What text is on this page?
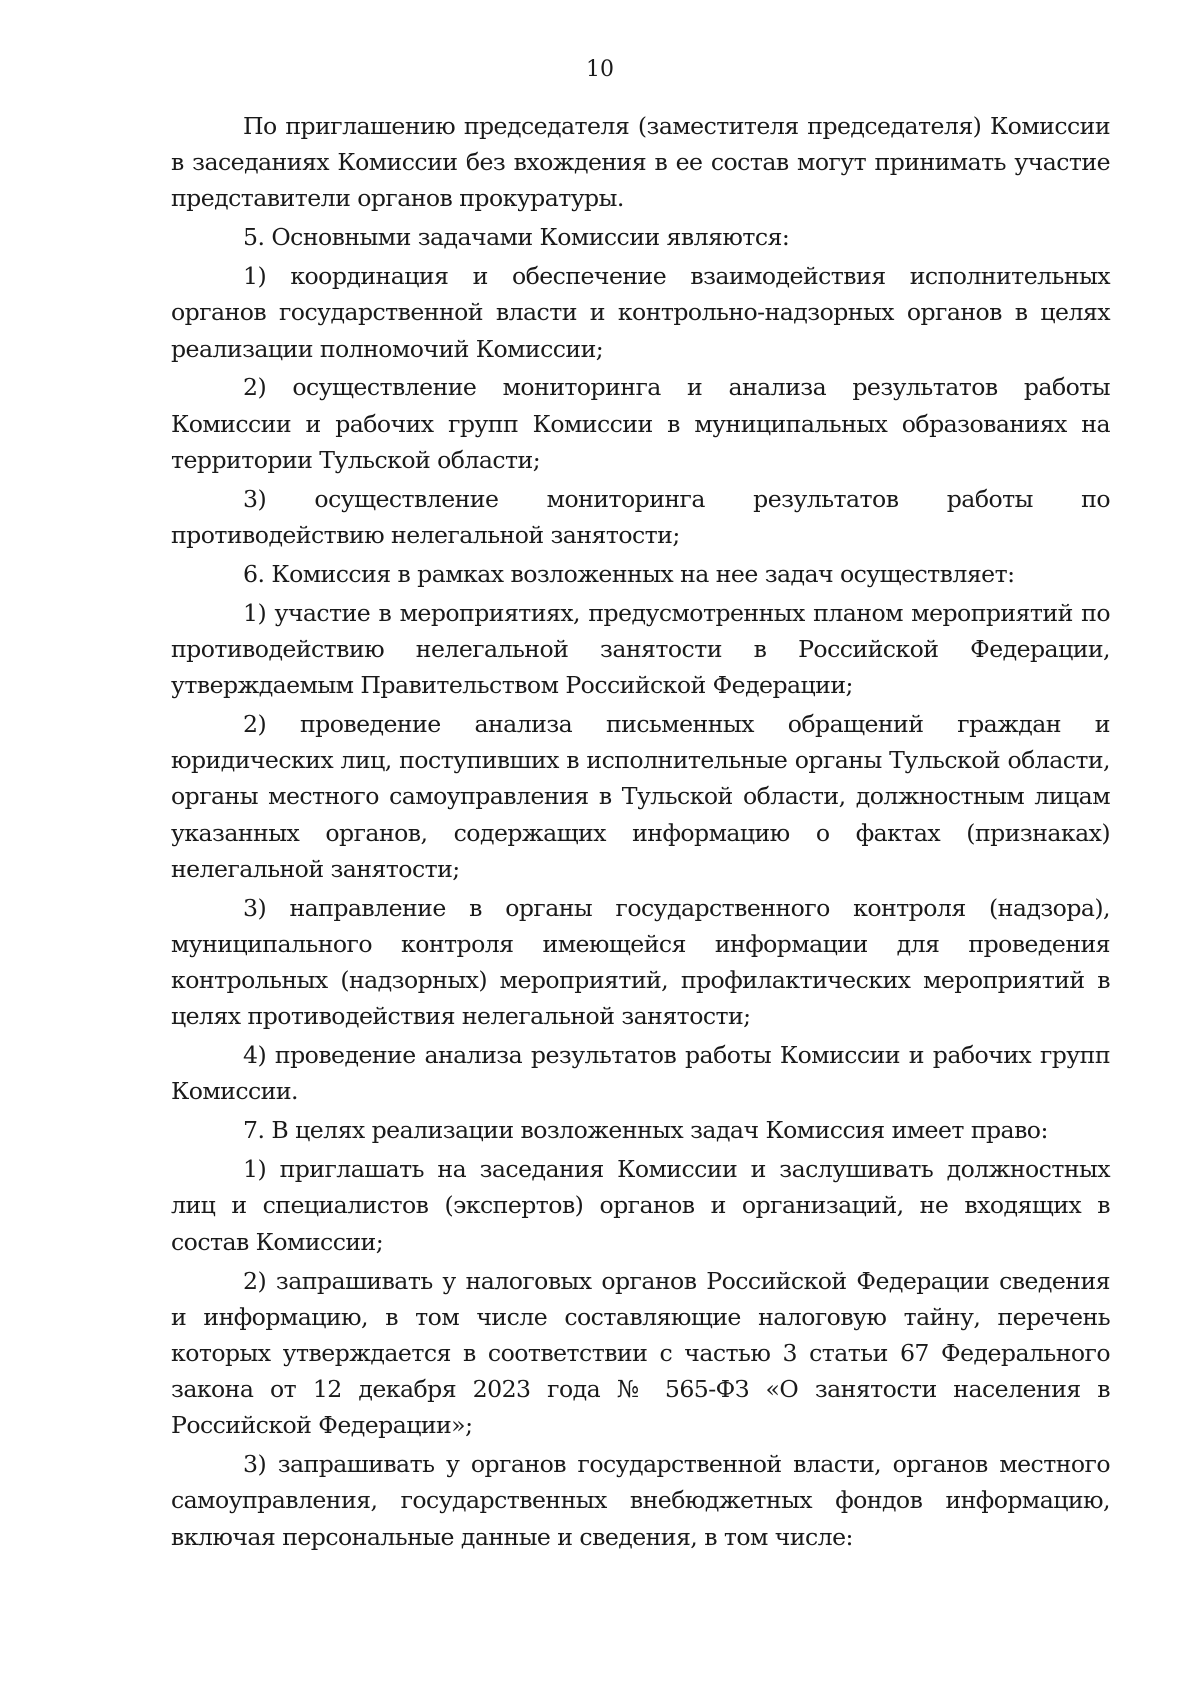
10

По приглашению председателя (заместителя председателя) Комиссии в заседаниях Комиссии без вхождения в ее состав могут принимать участие представители органов прокуратуры.

5. Основными задачами Комиссии являются:

1) координация и обеспечение взаимодействия исполнительных органов государственной власти и контрольно-надзорных органов в целях реализации полномочий Комиссии;

2) осуществление мониторинга и анализа результатов работы Комиссии и рабочих групп Комиссии в муниципальных образованиях на территории Тульской области;

3) осуществление мониторинга результатов работы по противодействию нелегальной занятости;

6. Комиссия в рамках возложенных на нее задач осуществляет:

1) участие в мероприятиях, предусмотренных планом мероприятий по противодействию нелегальной занятости в Российской Федерации, утверждаемым Правительством Российской Федерации;

2) проведение анализа письменных обращений граждан и юридических лиц, поступивших в исполнительные органы Тульской области, органы местного самоуправления в Тульской области, должностным лицам указанных органов, содержащих информацию о фактах (признаках) нелегальной занятости;

3) направление в органы государственного контроля (надзора), муниципального контроля имеющейся информации для проведения контрольных (надзорных) мероприятий, профилактических мероприятий в целях противодействия нелегальной занятости;

4) проведение анализа результатов работы Комиссии и рабочих групп Комиссии.

7. В целях реализации возложенных задач Комиссия имеет право:

1) приглашать на заседания Комиссии и заслушивать должностных лиц и специалистов (экспертов) органов и организаций, не входящих в состав Комиссии;

2) запрашивать у налоговых органов Российской Федерации сведения и информацию, в том числе составляющие налоговую тайну, перечень которых утверждается в соответствии с частью 3 статьи 67 Федерального закона от 12 декабря 2023 года № 565-ФЗ «О занятости населения в Российской Федерации»;

3) запрашивать у органов государственной власти, органов местного самоуправления, государственных внебюджетных фондов информацию, включая персональные данные и сведения, в том числе:
